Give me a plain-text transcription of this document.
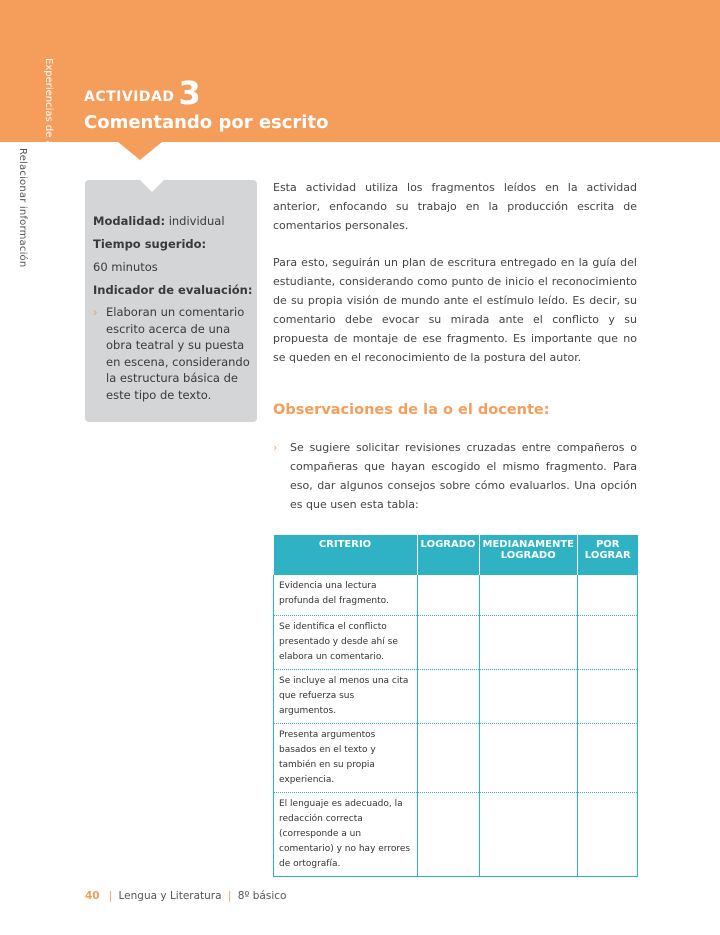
Experiencias de aprendizaje
Relacionar información
ACTIVIDAD 3
Comentando por escrito
Modalidad: individual
Tiempo sugerido:
60 minutos
Indicador de evaluación:
› Elaboran un comentario escrito acerca de una obra teatral y su puesta en escena, considerando la estructura básica de este tipo de texto.
Esta actividad utiliza los fragmentos leídos en la actividad anterior, enfocando su trabajo en la producción escrita de comentarios personales.
Para esto, seguirán un plan de escritura entregado en la guía del estudiante, considerando como punto de inicio el reconocimiento de su propia visión de mundo ante el estímulo leído. Es decir, su comentario debe evocar su mirada ante el conflicto y su propuesta de montaje de ese fragmento. Es importante que no se queden en el reconocimiento de la postura del autor.
Observaciones de la o el docente:
› Se sugiere solicitar revisiones cruzadas entre compañeros o compañeras que hayan escogido el mismo fragmento. Para eso, dar algunos consejos sobre cómo evaluarlos. Una opción es que usen esta tabla:
CRITERIO	LOGRADO	MEDIANAMENTE LOGRADO	POR LOGRAR
Evidencia una lectura profunda del fragmento.			
Se identifica el conflicto presentado y desde ahí se elabora un comentario.			
Se incluye al menos una cita que refuerza sus argumentos.			
Presenta argumentos basados en el texto y también en su propia experiencia.			
El lenguaje es adecuado, la redacción correcta (corresponde a un comentario) y no hay errores de ortografía.			
40 | Lengua y Literatura | 8º básico
